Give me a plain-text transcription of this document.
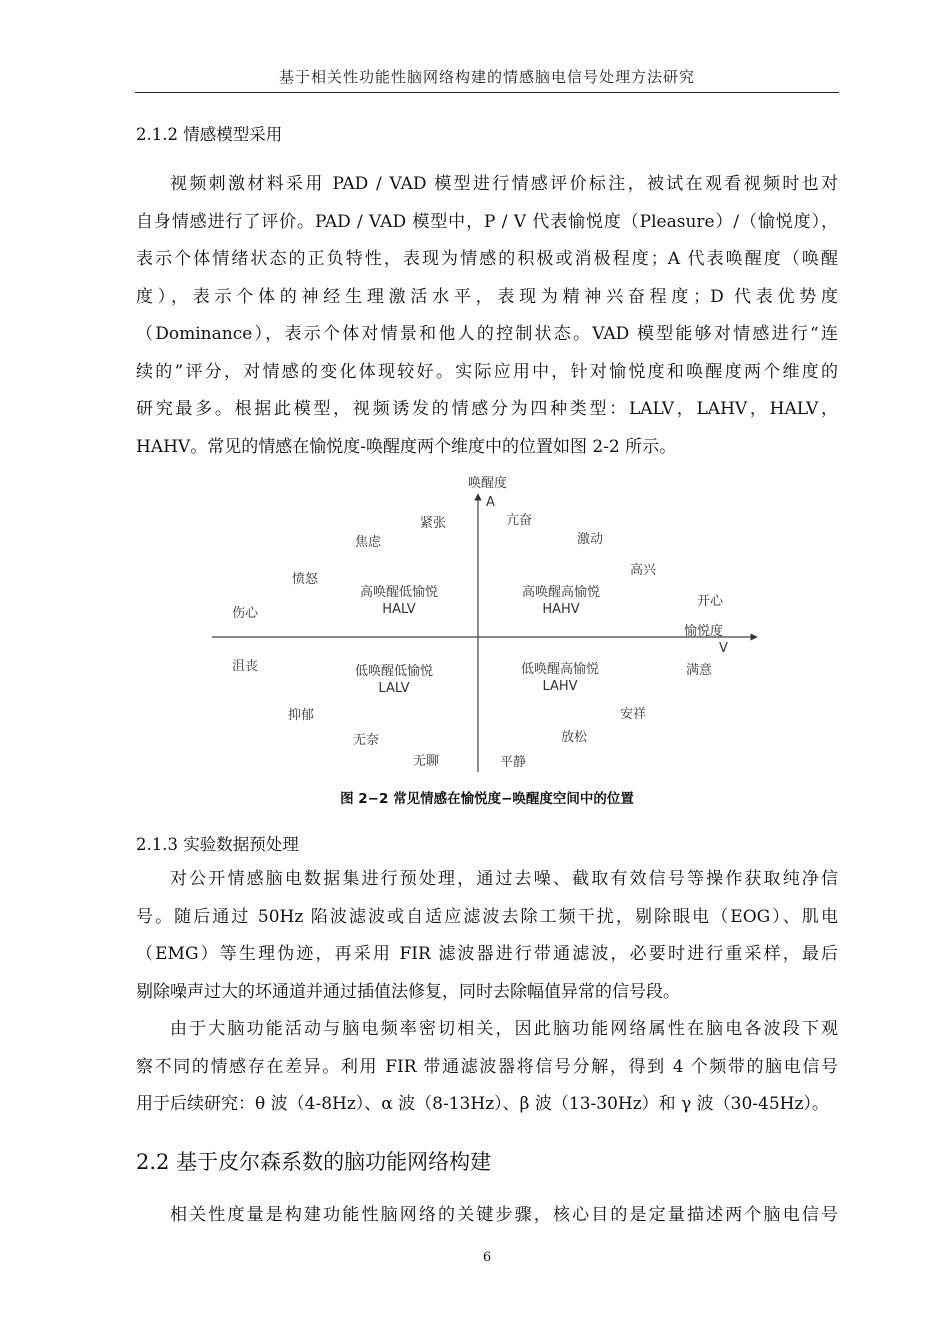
基于相关性功能性脑网络构建的情感脑电信号处理方法研究
2.1.2 情感模型采用
视频刺激材料采用 PAD / VAD 模型进行情感评价标注，被试在观看视频时也对
自身情感进行了评价。PAD / VAD 模型中，P / V 代表愉悦度（Pleasure）/（愉悦度），
表示个体情绪状态的正负特性，表现为情感的积极或消极程度；A 代表唤醒度（唤醒
度），表示个体的神经生理激活水平，表现为精神兴奋程度；D 代表优势度
（Dominance），表示个体对情景和他人的控制状态。VAD 模型能够对情感进行“连
续的”评分，对情感的变化体现较好。实际应用中，针对愉悦度和唤醒度两个维度的
研究最多。根据此模型，视频诱发的情感分为四种类型：LALV，LAHV，HALV，
HAHV。常见的情感在愉悦度-唤醒度两个维度中的位置如图 2-2 所示。
唤醒度
A
愉悦度
V
高唤醒高愉悦
HAHV
高唤醒低愉悦
HALV
低唤醒低愉悦
LALV
低唤醒高愉悦
LAHV
紧张
焦虑
愤怒
伤心
沮丧
抑郁
无奈
无聊	平静
放松
安祥
满意
开心
高兴
激动
亢奋
图 2−2 常见情感在愉悦度−唤醒度空间中的位置
2.1.3 实验数据预处理
对公开情感脑电数据集进行预处理，通过去噪、截取有效信号等操作获取纯净信
号。随后通过 50Hz 陷波滤波或自适应滤波去除工频干扰，剔除眼电（EOG）、肌电
（EMG）等生理伪迹，再采用 FIR 滤波器进行带通滤波，必要时进行重采样，最后
剔除噪声过大的坏通道并通过插值法修复，同时去除幅值异常的信号段。
由于大脑功能活动与脑电频率密切相关，因此脑功能网络属性在脑电各波段下观
察不同的情感存在差异。利用 FIR 带通滤波器将信号分解，得到 4 个频带的脑电信号
用于后续研究：θ 波（4-8Hz）、α 波（8-13Hz）、β 波（13-30Hz）和 γ 波（30-45Hz）。
2.2 基于皮尔森系数的脑功能网络构建
相关性度量是构建功能性脑网络的关键步骤，核心目的是定量描述两个脑电信号
6
